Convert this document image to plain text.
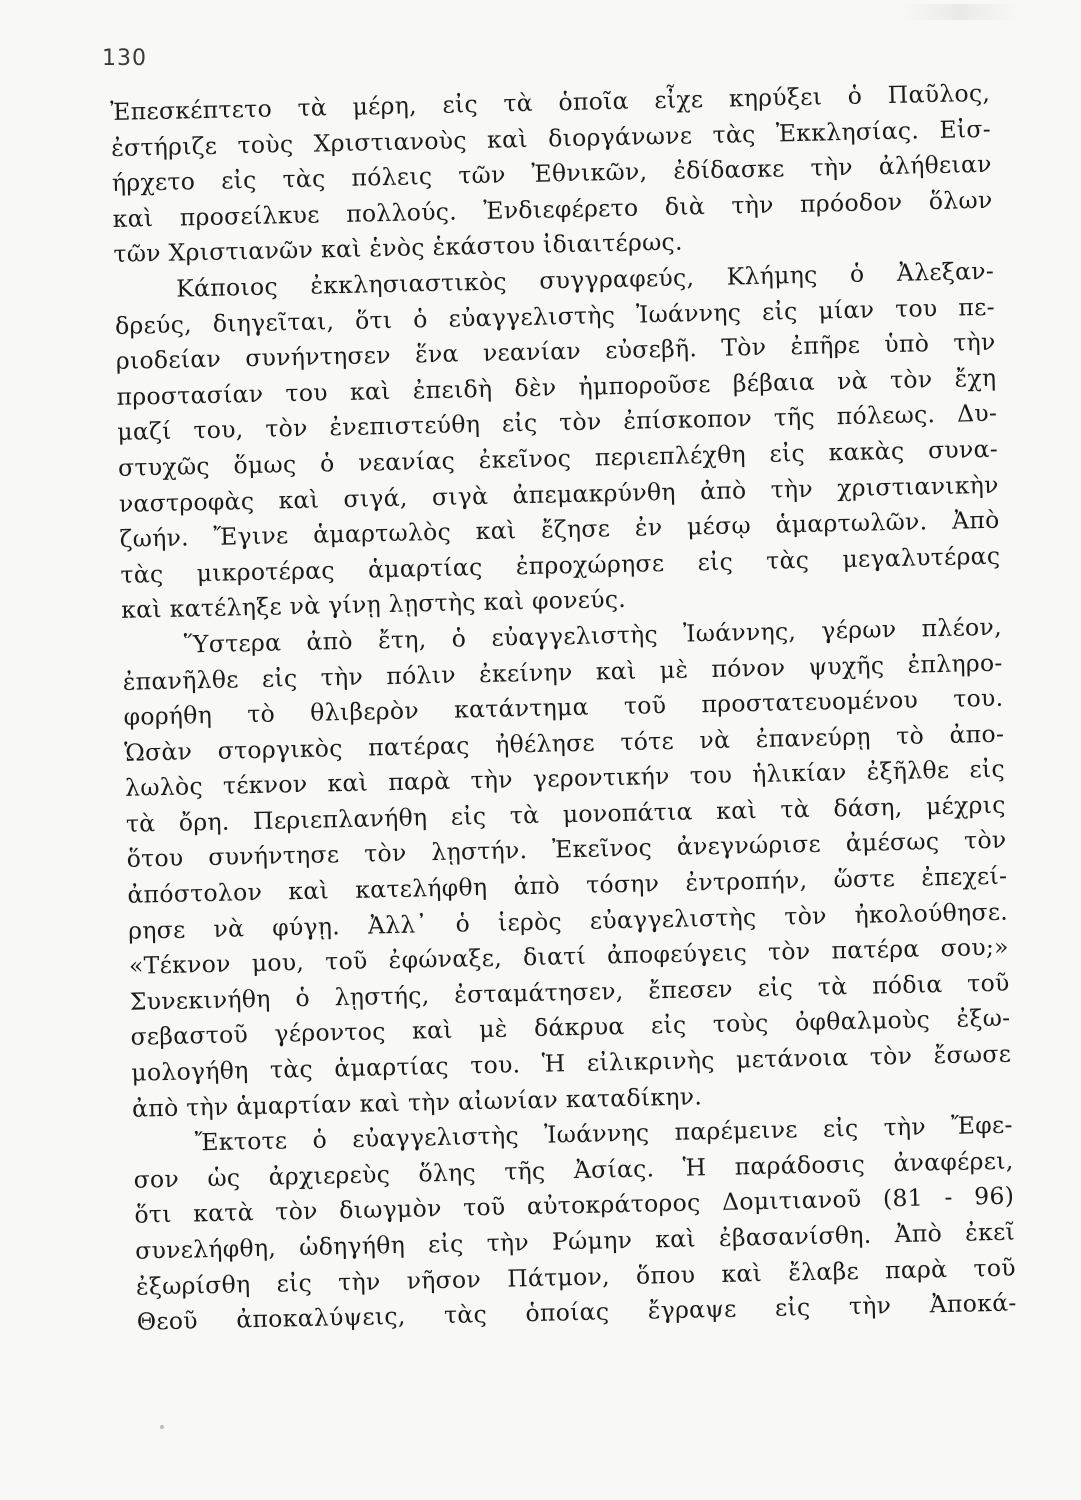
130
Ἐπεσκέπτετο τὰ μέρη, εἰς τὰ ὁποῖα εἶχε κηρύξει ὁ Παῦλος,
ἐστήριζε τοὺς Χριστιανοὺς καὶ διοργάνωνε τὰς Ἐκκλησίας. Εἰσ-
ήρχετο εἰς τὰς πόλεις τῶν Ἐθνικῶν, ἐδίδασκε τὴν ἀλήθειαν
καὶ προσείλκυε πολλούς. Ἐνδιεφέρετο διὰ τὴν πρόοδον ὅλων
τῶν Χριστιανῶν καὶ ἑνὸς ἑκάστου ἰδιαιτέρως.
Κάποιος ἐκκλησιαστικὸς συγγραφεύς, Κλήμης ὁ Ἀλεξαν-
δρεύς, διηγεῖται, ὅτι ὁ εὐαγγελιστὴς Ἰωάννης εἰς μίαν του πε-
ριοδείαν συνήντησεν ἕνα νεανίαν εὐσεβῆ. Τὸν ἐπῆρε ὑπὸ τὴν
προστασίαν του καὶ ἐπειδὴ δὲν ἠμποροῦσε βέβαια νὰ τὸν ἔχη
μαζί του, τὸν ἐνεπιστεύθη εἰς τὸν ἐπίσκοπον τῆς πόλεως. Δυ-
στυχῶς ὅμως ὁ νεανίας ἐκεῖνος περιεπλέχθη εἰς κακὰς συνα-
ναστροφὰς καὶ σιγά, σιγὰ ἀπεμακρύνθη ἀπὸ τὴν χριστιανικὴν
ζωήν. Ἔγινε ἁμαρτωλὸς καὶ ἔζησε ἐν μέσῳ ἁμαρτωλῶν. Ἀπὸ
τὰς μικροτέρας ἁμαρτίας ἐπροχώρησε εἰς τὰς μεγαλυτέρας
καὶ κατέληξε νὰ γίνῃ λῃστὴς καὶ φονεύς.
Ὕστερα ἀπὸ ἔτη, ὁ εὐαγγελιστὴς Ἰωάννης, γέρων πλέον,
ἐπανῆλθε εἰς τὴν πόλιν ἐκείνην καὶ μὲ πόνον ψυχῆς ἐπληρο-
φορήθη τὸ θλιβερὸν κατάντημα τοῦ προστατευομένου του.
Ὡσὰν στοργικὸς πατέρας ἠθέλησε τότε νὰ ἐπανεύρῃ τὸ ἀπο-
λωλὸς τέκνον καὶ παρὰ τὴν γεροντικήν του ἡλικίαν ἐξῆλθε εἰς
τὰ ὄρη. Περιεπλανήθη εἰς τὰ μονοπάτια καὶ τὰ δάση, μέχρις
ὅτου συνήντησε τὸν λῃστήν. Ἐκεῖνος ἀνεγνώρισε ἀμέσως τὸν
ἀπόστολον καὶ κατελήφθη ἀπὸ τόσην ἐντροπήν, ὥστε ἐπεχεί-
ρησε νὰ φύγῃ. Ἀλλ᾽ ὁ ἱερὸς εὐαγγελιστὴς τὸν ἠκολούθησε.
«Τέκνον μου, τοῦ ἐφώναξε, διατί ἀποφεύγεις τὸν πατέρα σου;»
Συνεκινήθη ὁ λῃστής, ἐσταμάτησεν, ἔπεσεν εἰς τὰ πόδια τοῦ
σεβαστοῦ γέροντος καὶ μὲ δάκρυα εἰς τοὺς ὀφθαλμοὺς ἐξω-
μολογήθη τὰς ἁμαρτίας του. Ἡ εἰλικρινὴς μετάνοια τὸν ἔσωσε
ἀπὸ τὴν ἁμαρτίαν καὶ τὴν αἰωνίαν καταδίκην.
Ἔκτοτε ὁ εὐαγγελιστὴς Ἰωάννης παρέμεινε εἰς τὴν Ἔφε-
σον ὡς ἀρχιερεὺς ὅλης τῆς Ἀσίας. Ἡ παράδοσις ἀναφέρει,
ὅτι κατὰ τὸν διωγμὸν τοῦ αὐτοκράτορος Δομιτιανοῦ (81 - 96)
συνελήφθη, ὡδηγήθη εἰς τὴν Ρώμην καὶ ἐβασανίσθη. Ἀπὸ ἐκεῖ
ἐξωρίσθη εἰς τὴν νῆσον Πάτμον, ὅπου καὶ ἔλαβε παρὰ τοῦ
Θεοῦ ἀποκαλύψεις, τὰς ὁποίας ἔγραψε εἰς τὴν Ἀποκά-
